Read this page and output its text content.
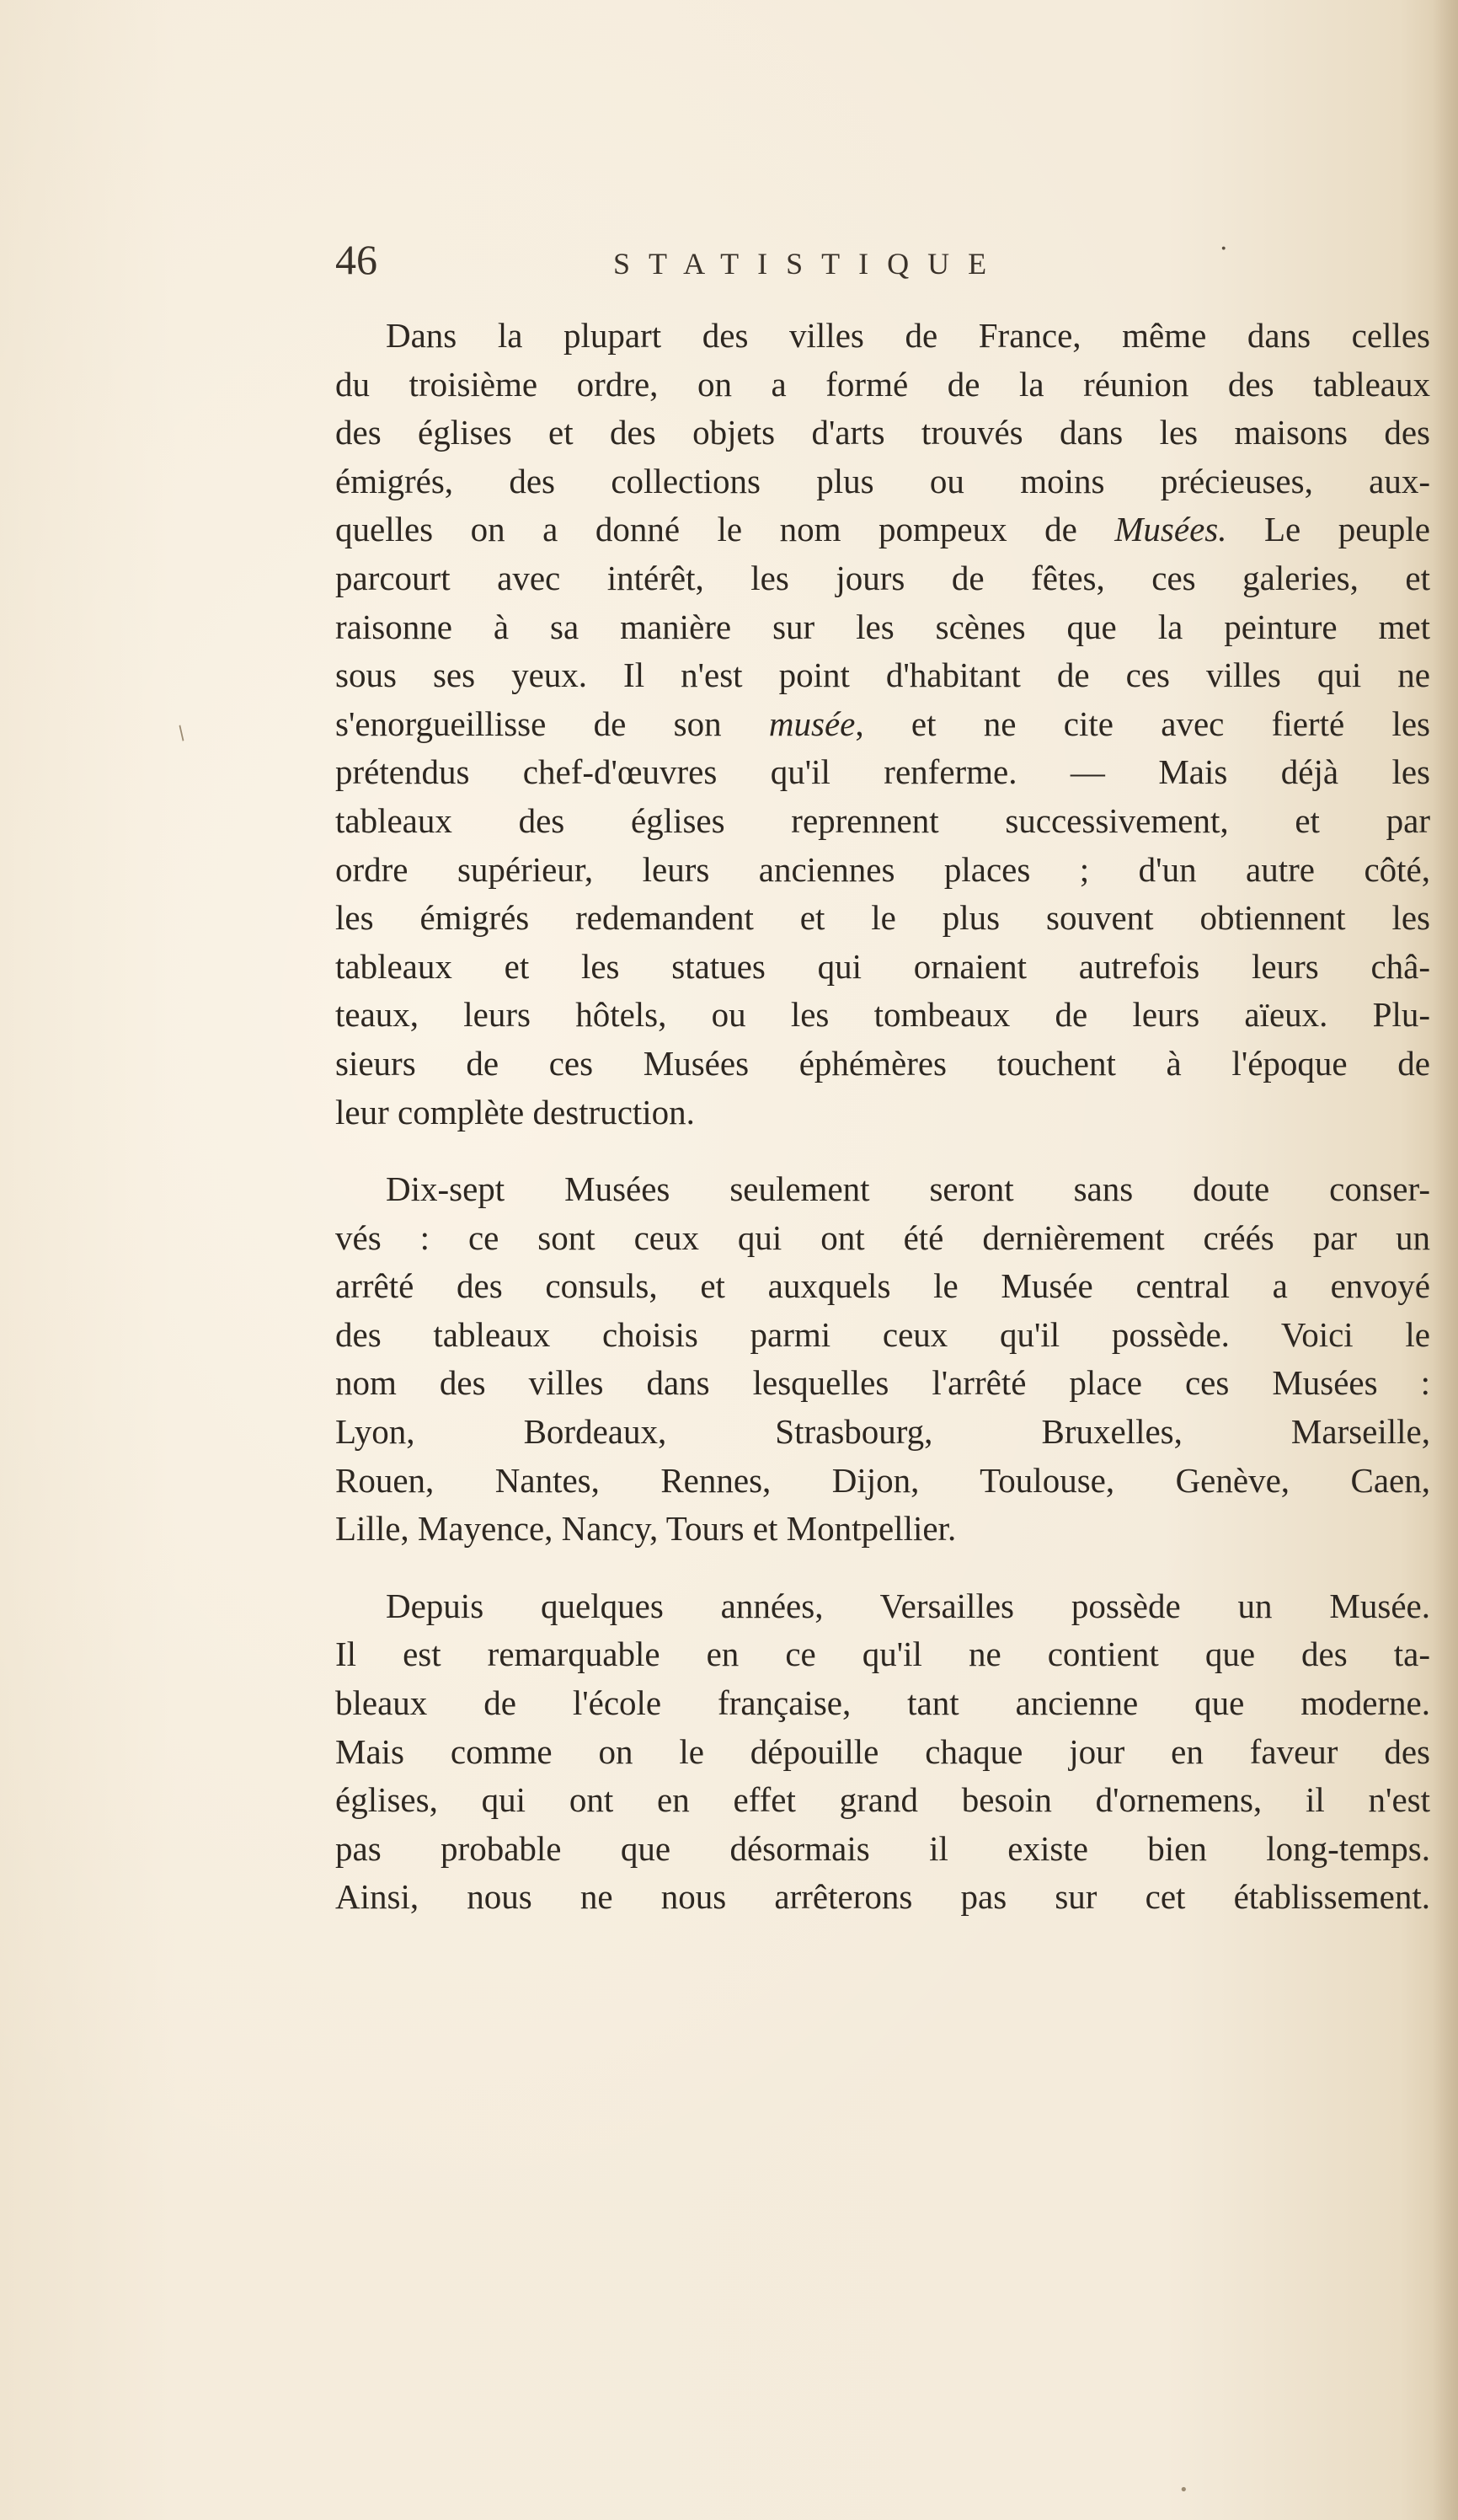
46	STATISTIQUE	·
Dans la plupart des villes de France, même dans celles
du troisième ordre, on a formé de la réunion des tableaux
des églises et des objets d'arts trouvés dans les maisons des
émigrés, des collections plus ou moins précieuses, aux-
quelles on a donné le nom pompeux de Musées. Le peuple
parcourt avec intérêt, les jours de fêtes, ces galeries, et
raisonne à sa manière sur les scènes que la peinture met
sous ses yeux. Il n'est point d'habitant de ces villes qui ne
s'enorgueillisse de son musée, et ne cite avec fierté les
prétendus chef-d'œuvres qu'il renferme. — Mais déjà les
tableaux des églises reprennent successivement, et par
ordre supérieur, leurs anciennes places ; d'un autre côté,
les émigrés redemandent et le plus souvent obtiennent les
tableaux et les statues qui ornaient autrefois leurs châ-
teaux, leurs hôtels, ou les tombeaux de leurs aïeux. Plu-
sieurs de ces Musées éphémères touchent à l'époque de
leur complète destruction.
Dix-sept Musées seulement seront sans doute conser-
vés : ce sont ceux qui ont été dernièrement créés par un
arrêté des consuls, et auxquels le Musée central a envoyé
des tableaux choisis parmi ceux qu'il possède. Voici le
nom des villes dans lesquelles l'arrêté place ces Musées :
Lyon, Bordeaux, Strasbourg, Bruxelles, Marseille,
Rouen, Nantes, Rennes, Dijon, Toulouse, Genève, Caen,
Lille, Mayence, Nancy, Tours et Montpellier.
Depuis quelques années, Versailles possède un Musée.
Il est remarquable en ce qu'il ne contient que des ta-
bleaux de l'école française, tant ancienne que moderne.
Mais comme on le dépouille chaque jour en faveur des
églises, qui ont en effet grand besoin d'ornemens, il n'est
pas probable que désormais il existe bien long-temps.
Ainsi, nous ne nous arrêterons pas sur cet établissement.
/
•
